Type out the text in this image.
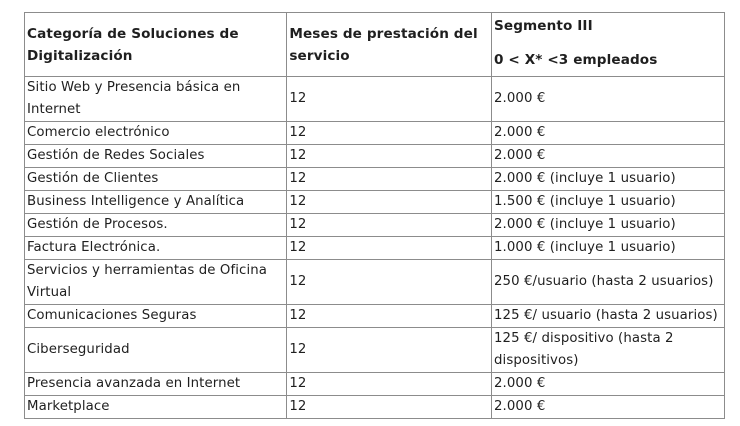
Categoría de Soluciones de Digitalización	Meses de prestación del servicio	Segmento III
0 < X* <3 empleados

Sitio Web y Presencia básica en Internet	12	2.000 €
Comercio electrónico	12	2.000 €
Gestión de Redes Sociales	12	2.000 €
Gestión de Clientes	12	2.000 € (incluye 1 usuario)
Business Intelligence y Analítica	12	1.500 € (incluye 1 usuario)
Gestión de Procesos.	12	2.000 € (incluye 1 usuario)
Factura Electrónica.	12	1.000 € (incluye 1 usuario)
Servicios y herramientas de Oficina Virtual	12	250 €/usuario (hasta 2 usuarios)
Comunicaciones Seguras	12	125 €/ usuario (hasta 2 usuarios)
Ciberseguridad	12	125 €/ dispositivo (hasta 2 dispositivos)
Presencia avanzada en Internet	12	2.000 €
Marketplace	12	2.000 €
